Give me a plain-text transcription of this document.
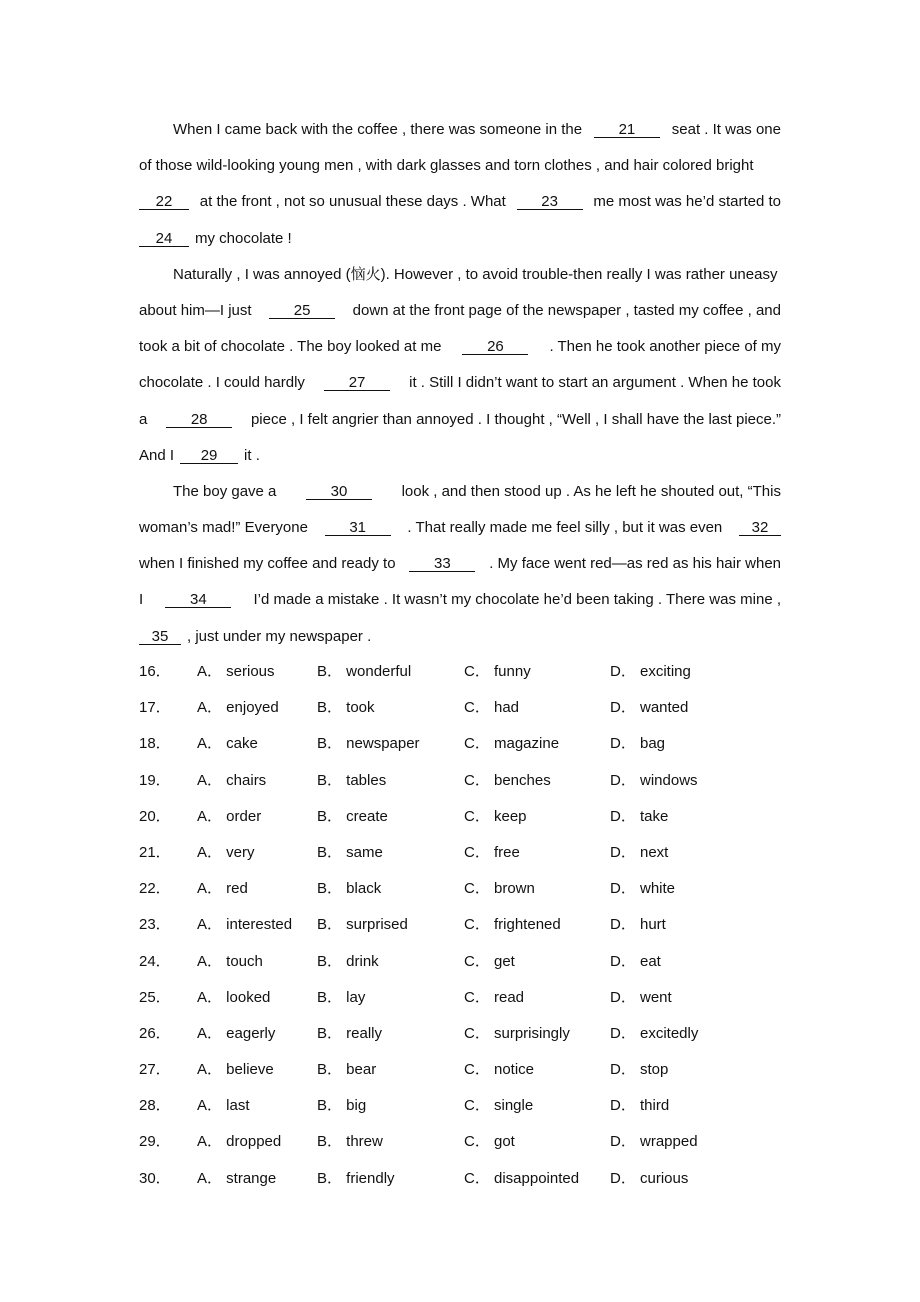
When I came back with the coffee , there was someone in the	21	seat . It was one
of those wild-looking young men , with dark glasses and torn clothes , and hair colored bright
22	at the front , not so unusual these days . What	23	me most was he’d started to
24	my chocolate !
Naturally , I was annoyed (恼火). However , to avoid trouble-then really I was rather uneasy
about him—I just	25	down at the front page of the newspaper , tasted my coffee , and
took a bit of chocolate . The boy looked at me	26	. Then he took another piece of my
chocolate . I could hardly	27	it . Still I didn’t want to start an argument . When he took
a	28	piece , I felt angrier than annoyed . I thought , “Well , I shall have the last piece.”
And I	29	it .
The boy gave a	30	look , and then stood up . As he left he shouted out, “This
woman’s mad!” Everyone	31	. That really made me feel silly , but it was even	32
when I finished my coffee and ready to	33	. My face went red—as red as his hair when
I	34	I’d made a mistake . It wasn’t my chocolate he’d been taking . There was mine ,
35	, just under my newspaper .
16． A． serious	B． wonderful	C． funny	D． exciting
17． A． enjoyed	B． took	C． had	D． wanted
18． A． cake	B． newspaper	C． magazine	D． bag
19． A． chairs	B． tables	C． benches	D． windows
20． A． order	B． create	C． keep	D． take
21． A． very	B． same	C． free	D． next
22． A． red	B． black	C． brown	D． white
23． A． interested B． surprised	C． frightened	D． hurt
24． A． touch	B． drink	C． get	D． eat
25． A． looked	B． lay	C． read	D． went
26． A． eagerly	B． really	C． surprisingly	D． excitedly
27． A． believe	B． bear	C． notice	D． stop
28． A． last	B． big	C． single	D． third
29． A． dropped B． threw	C． got	D． wrapped
30． A． strange	B． friendly	C． disappointed D． curious
